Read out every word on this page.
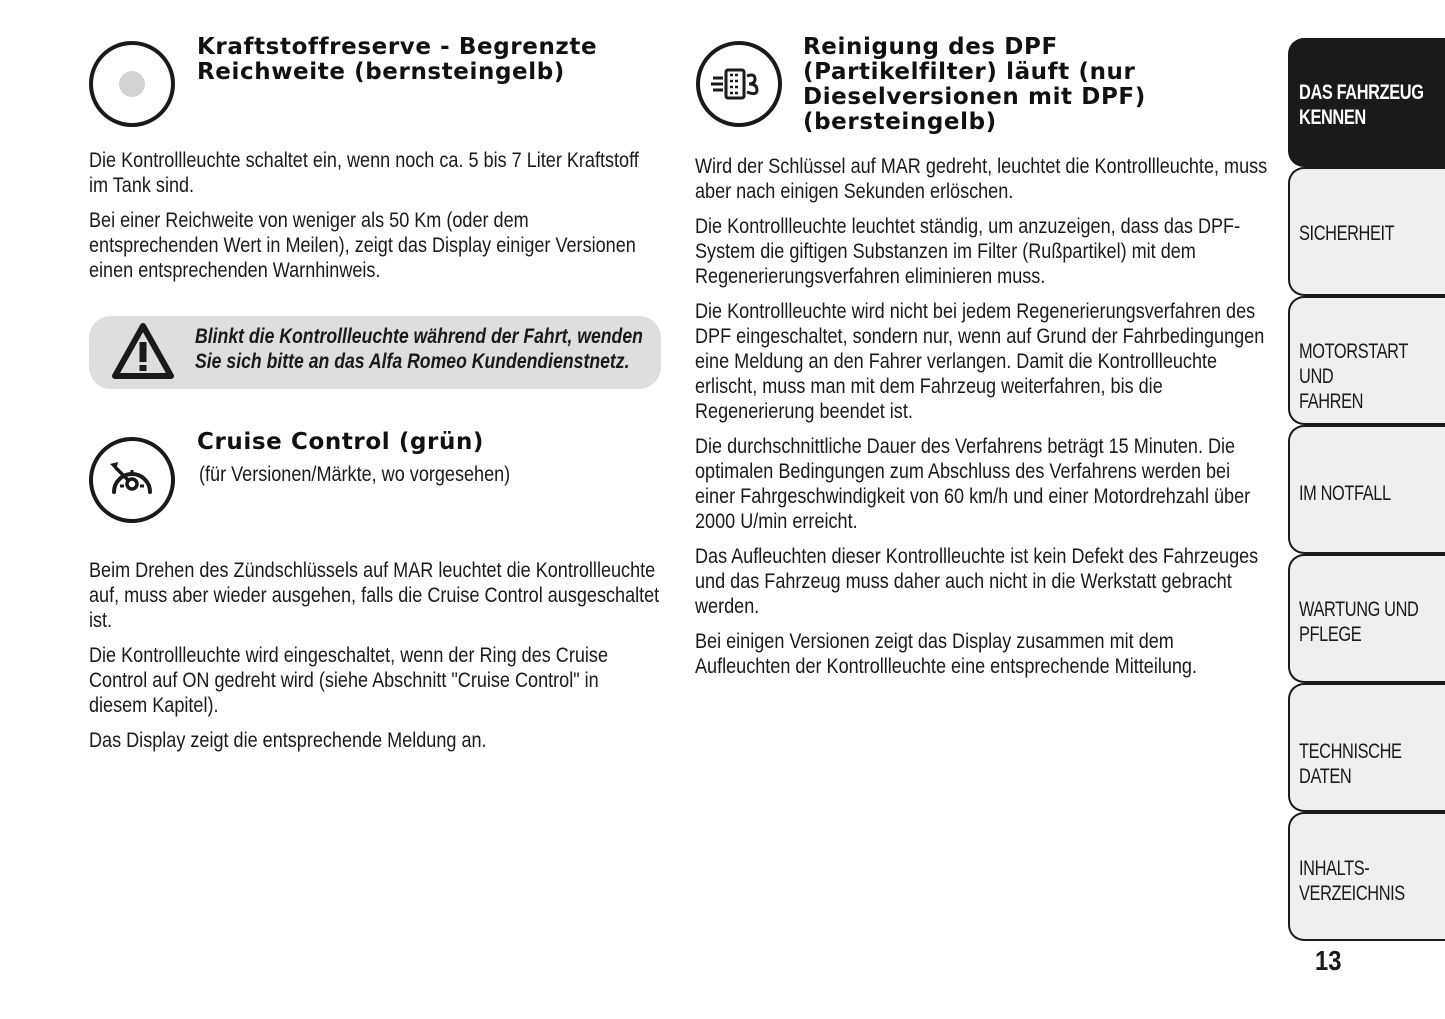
Kraftstoffreserve - Begrenzte Reichweite (bernsteingelb)

Die Kontrollleuchte schaltet ein, wenn noch ca. 5 bis 7 Liter Kraftstoff im Tank sind.

Bei einer Reichweite von weniger als 50 Km (oder dem entsprechenden Wert in Meilen), zeigt das Display einiger Versionen einen entsprechenden Warnhinweis.

Blinkt die Kontrollleuchte während der Fahrt, wenden
Sie sich bitte an das Alfa Romeo Kundendienstnetz.
Cruise Control (grün)
(für Versionen/Märkte, wo vorgesehen)

Beim Drehen des Zündschlüssels auf MAR leuchtet die Kontrollleuchte auf, muss aber wieder ausgehen, falls die Cruise Control ausgeschaltet ist.

Die Kontrollleuchte wird eingeschaltet, wenn der Ring des Cruise Control auf ON gedreht wird (siehe Abschnitt "Cruise Control" in diesem Kapitel).

Das Display zeigt die entsprechende Meldung an.

Reinigung des DPF (Partikelfilter) läuft (nur Dieselversionen mit DPF) (bersteingelb)

Wird der Schlüssel auf MAR gedreht, leuchtet die Kontrollleuchte, muss aber nach einigen Sekunden erlöschen.

Die Kontrollleuchte leuchtet ständig, um anzuzeigen, dass das DPF-System die giftigen Substanzen im Filter (Rußpartikel) mit dem Regenerierungsverfahren eliminieren muss.

Die Kontrollleuchte wird nicht bei jedem Regenerierungsverfahren des DPF eingeschaltet, sondern nur, wenn auf Grund der Fahrbedingungen eine Meldung an den Fahrer verlangen. Damit die Kontrollleuchte erlischt, muss man mit dem Fahrzeug weiterfahren, bis die Regenerierung beendet ist.

Die durchschnittliche Dauer des Verfahrens beträgt 15 Minuten. Die optimalen Bedingungen zum Abschluss des Verfahrens werden bei einer Fahrgeschwindigkeit von 60 km/h und einer Motordrehzahl über 2000 U/min erreicht.

Das Aufleuchten dieser Kontrollleuchte ist kein Defekt des Fahrzeuges und das Fahrzeug muss daher auch nicht in die Werkstatt gebracht werden.

Bei einigen Versionen zeigt das Display zusammen mit dem Aufleuchten der Kontrollleuchte eine entsprechende Mitteilung.

DAS FAHRZEUG
KENNEN
SICHERHEIT
MOTORSTART UND
FAHREN
IM NOTFALL
WARTUNG UND
PFLEGE
TECHNISCHE DATEN
INHALTS-
VERZEICHNIS
13
